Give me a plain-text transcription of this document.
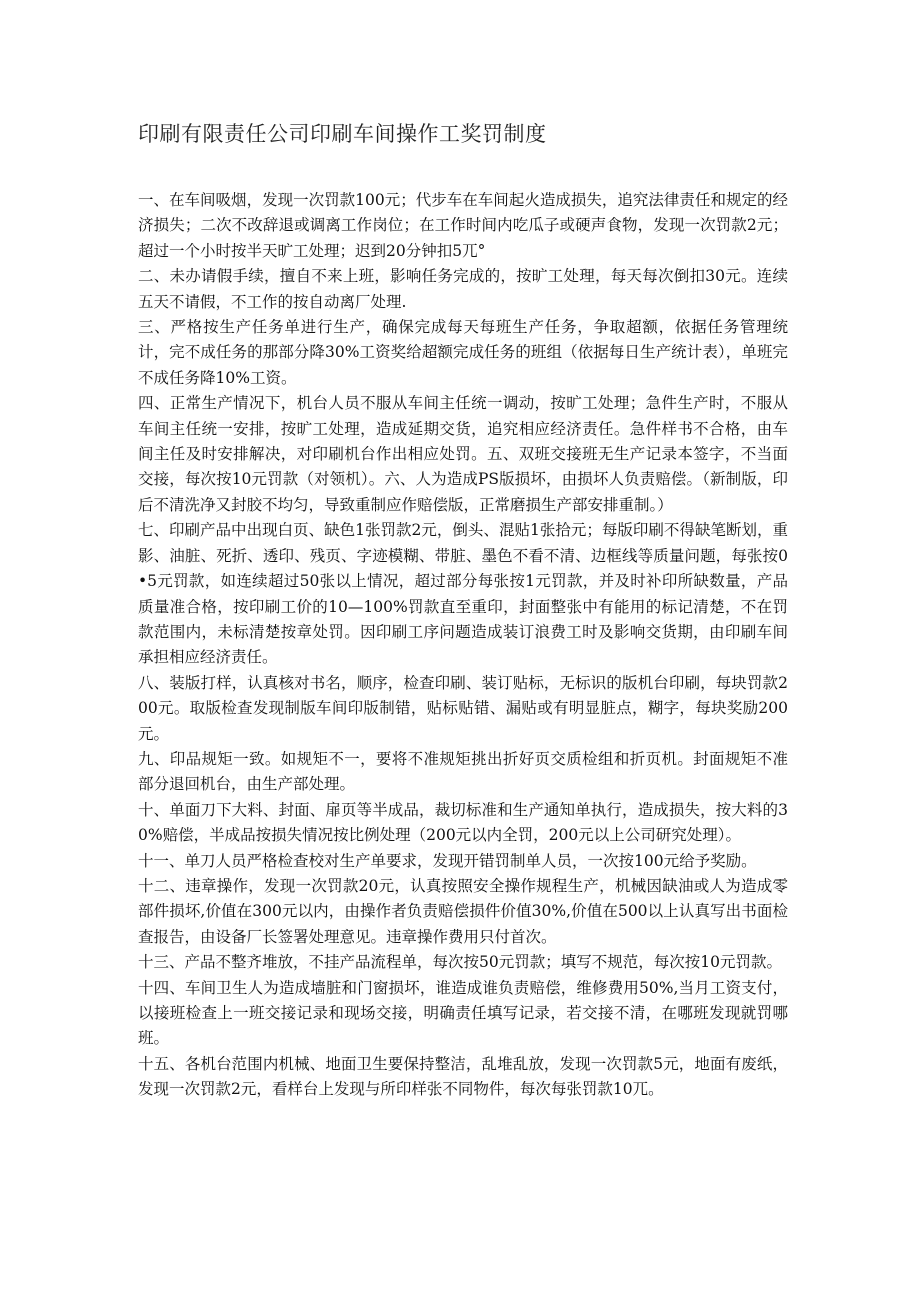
印刷有限责任公司印刷车间操作工奖罚制度

一、在车间吸烟，发现一次罚款100元；代步车在车间起火造成损失，追究法律责任和规定的经济损失；二次不改辞退或调离工作岗位；在工作时间内吃瓜子或硬声食物，发现一次罚款2元；超过一个小时按半天旷工处理；迟到20分钟扣5兀°

二、未办请假手续，擅自不来上班，影响任务完成的，按旷工处理，每天每次倒扣30元。连续五天不请假，不工作的按自动离厂处理.

三、严格按生产任务单进行生产，确保完成每天每班生产任务，争取超额，依据任务管理统计，完不成任务的那部分降30%工资奖给超额完成任务的班组（依据每日生产统计表），单班完不成任务降10%工资。

四、正常生产情况下，机台人员不服从车间主任统一调动，按旷工处理；急件生产时，不服从车间主任统一安排，按旷工处理，造成延期交货，追究相应经济责任。急件样书不合格，由车间主任及时安排解决，对印刷机台作出相应处罚。五、双班交接班无生产记录本签字，不当面交接，每次按10元罚款（对领机）。六、人为造成PS版损坏，由损坏人负责赔偿。（新制版，印后不清洗净又封胶不均匀，导致重制应作赔偿版，正常磨损生产部安排重制。）

七、印刷产品中出现白页、缺色1张罚款2元，倒头、混贴1张拾元；每版印刷不得缺笔断划，重影、油脏、死折、透印、残页、字迹模糊、带脏、墨色不看不清、边框线等质量问题，每张按0•5元罚款，如连续超过50张以上情况，超过部分每张按1元罚款，并及时补印所缺数量，产品质量准合格，按印刷工价的10—100%罚款直至重印，封面整张中有能用的标记清楚，不在罚款范围内，未标清楚按章处罚。因印刷工序问题造成装订浪费工时及影响交货期，由印刷车间承担相应经济责任。

八、装版打样，认真核对书名，顺序，检查印刷、装订贴标，无标识的版机台印刷，每块罚款200元。取版检查发现制版车间印版制错，贴标贴错、漏贴或有明显脏点，糊字，每块奖励200元。

九、印品规矩一致。如规矩不一，要将不准规矩挑出折好页交质检组和折页机。封面规矩不准部分退回机台，由生产部处理。

十、单面刀下大料、封面、扉页等半成品，裁切标准和生产通知单执行，造成损失，按大料的30%赔偿，半成品按损失情况按比例处理（200元以内全罚，200元以上公司研究处理）。

十一、单刀人员严格检查校对生产单要求，发现开错罚制单人员，一次按100元给予奖励。

十二、违章操作，发现一次罚款20元，认真按照安全操作规程生产，机械因缺油或人为造成零部件损坏,价值在300元以内，由操作者负责赔偿损件价值30%,价值在500以上认真写出书面检查报告，由设备厂长签署处理意见。违章操作费用只付首次。

十三、产品不整齐堆放，不挂产品流程单，每次按50元罚款；填写不规范，每次按10元罚款。

十四、车间卫生人为造成墙脏和门窗损坏，谁造成谁负责赔偿，维修费用50%,当月工资支付，以接班检查上一班交接记录和现场交接，明确责任填写记录，若交接不清，在哪班发现就罚哪班。

十五、各机台范围内机械、地面卫生要保持整洁，乱堆乱放，发现一次罚款5元，地面有废纸，发现一次罚款2元，看样台上发现与所印样张不同物件，每次每张罚款10兀。
